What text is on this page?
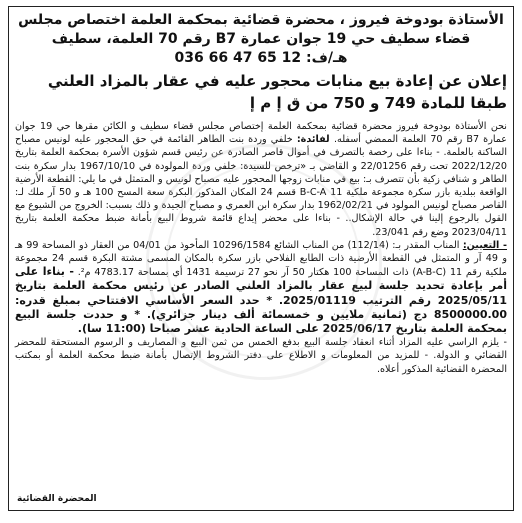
الأستاذة بودوخة فيروز ، محضرة قضائية بمحكمة العلمة اختصاص مجلس
قضاء سطيف حي 19 جوان عمارة B7 رقم 70 العلمة، سطيف
هـ/ف: 12 65 47 66 036
إعلان عن إعادة بيع منابات محجور عليه في عقار بالمزاد العلني
طبقا للمادة 749 و 750 من ق إ م إ

نحن الأستاذة بودوخة فيروز محضرة قضائية بمحكمة العلمة إختصاص مجلس قضاء سطيف و الكائن مقرها حي 19 جوان عمارة B7 رقم 70 العلمة الممضي أسفله. لفائدة: خلفي وردة بنت الطاهر القائمة في حق المحجور عليه لونيس مصباح الساكنة بالعلمة. - بناءا على رخصة بالتصرف في أموال قاصر الصادرة عن رئيس قسم شؤون الأسرة بمحكمة العلمة بتاريخ 2022/12/20 تحت رقم 22/01256 و القاضي بـ «ترخص للسيدة: خلفي وردة المولودة في 1967/10/10 بدار سكرة بنت الطاهر و شنافي زكية بأن تتصرف بـ: بيع في منابات زوجها المحجور عليه مصباح لونيس و المتمثل في ما يلي: القطعة الأرضية الواقعة ببلدية بازر سكرة مجموعة ملكية B-C-A 11 قسم 24 المكان المذكور البكرة سعة المسح 100 هـ و 50 آر ملك لـ: القاصر مصباح لونيس المولود في 1962/02/21 بدار سكرة ابن العمري و مصباح الجيدة و ذلك بسبب: الخروج من الشيوع مع القول بالرجوع إلينا في حالة الإشكال.. - بناءا على محضر إيداع قائمة شروط البيع بأمانة ضبط محكمة العلمة بتاريخ 2023/04/11 وضع رقم 23/041.

- التعيين: المناب المقدر بـ: (112/14) من المناب الشائع 10296/1584 المأخوذ من 04/01 من العقار ذو المساحة 99 هـ و 49 آر و المتمثل في القطعة الأرضية ذات الطابع الفلاحي بازر سكرة بالمكان المسمى مشتة البكرة قسم 24 مجموعة ملكية رقم 11 (A-B-C) ذات المساحة 100 هكتار 50 آر نحو 27 ترسيمة 1431 أي بمساحة 4783.17 م². - بناءا على أمر بإعادة تحديد جلسة لبيع عقار بالمزاد العلني الصادر عن رئيس محكمة العلمة بتاريخ 2025/05/11 رقم الترتيب 2025/01119. * حدد السعر الأساسي الافتتاحي بمبلغ قدره: 8500000.00 دج (ثمانية ملايين و خمسمائة ألف دينار جزائري). * و حددت جلسة البيع بمحكمة العلمة بتاريخ 2025/06/17 على الساعة الحادية عشر صباحا (11:00 سا).

- يلزم الراسي عليه المزاد أثناء انعقاد جلسة البيع بدفع الخمس من ثمن البيع و المصاريف و الرسوم المستحقة للمحضر القضائي و الدولة. - للمزيد من المعلومات و الاطلاع على دفتر الشروط الإتصال بأمانة ضبط محكمة العلمة أو بمكتب المحضرة القضائية المذكور أعلاه.

المحضرة القضائية
